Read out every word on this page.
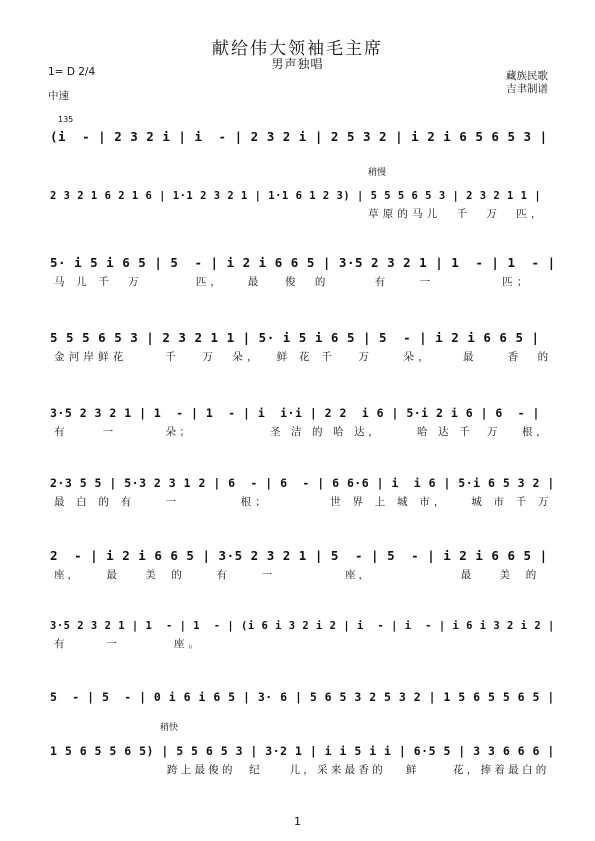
献给伟大领袖毛主席
男声独唱
1= D 2/4
中速
藏族民歌
吉聿制谱
135
(i  - | 2 3 2 i | i  - | 2 3 2 i | 2 5 3 2 | i 2 i 6 5 6 5 3 |
稍慢
2 3 2 1 6 2 1 6 | 1·1 2 3 2 1 | 1·1 6 1 2 3) | 5 5 5 6 5 3 | 2 3 2 1 1 |
草原的马儿  千  万  匹，
5· i 5 i 6 5 | 5  - | i 2 i 6 6 5 | 3·5 2 3 2 1 | 1  - | 1  - |
马 儿 千  万       匹，   最   俊  的      有    一         匹；
5 5 5 6 5 3 | 2 3 2 1 1 | 5· i 5 i 6 5 | 5  - | i 2 i 6 6 5 |
金河岸鲜花     千   万  朵，  鲜 花 千   万    朵，    最    香  的
3·5 2 3 2 1 | 1  - | 1  - | i  i·i | 2 2  i 6 | 5·i 2 i 6 | 6  - |
有     一       朵；           圣 洁 的 哈 达，     哈 达 千  万   根，
2·3 5 5 | 5·3 2 3 1 2 | 6  - | 6  - | 6 6·6 | i  i 6 | 5·i 6 5 3 2 |
最 白 的 有    一        根；        世 界 上 城 市，   城 市 千 万
2  - | i 2 i 6 6 5 | 3·5 2 3 2 1 | 5  - | 5  - | i 2 i 6 6 5 |
座，    最    美  的     有     一           座，              最    美  的
3·5 2 3 2 1 | 1  - | 1  - | (i 6 i 3 2 i 2 | i  - | i  - | i 6 i 3 2 i 2 |
有     一       座。
5  - | 5  - | 0 i 6 i 6 5 | 3· 6 | 5 6 5 3 2 5 3 2 | 1 5 6 5 5 6 5 |
稍快
1 5 6 5 5 6 5) | 5 5 6 5 3 | 3·2 1 | i i 5 i i | 6·5 5 | 3 3 6 6 6 |
跨上最俊的  纪    儿，采来最香的   鲜     花，捧着最白的
1
